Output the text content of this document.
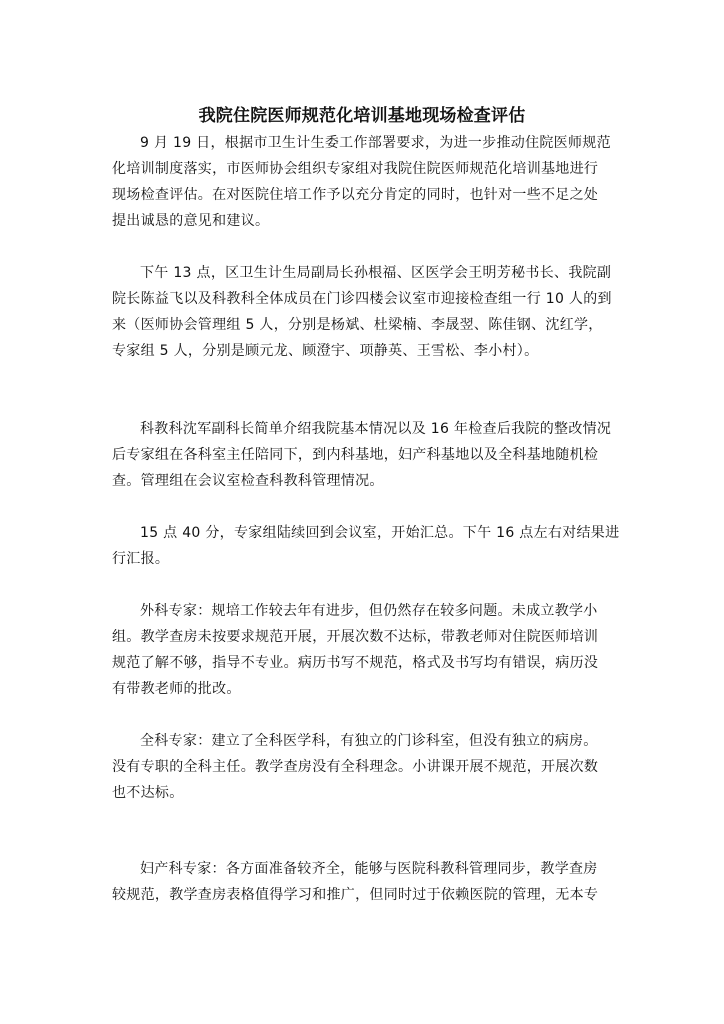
我院住院医师规范化培训基地现场检查评估
9 月 19 日，根据市卫生计生委工作部署要求，为进一步推动住院医师规范
化培训制度落实，市医师协会组织专家组对我院住院医师规范化培训基地进行
现场检查评估。在对医院住培工作予以充分肯定的同时，也针对一些不足之处
提出诚恳的意见和建议。
下午 13 点，区卫生计生局副局长孙根福、区医学会王明芳秘书长、我院副
院长陈益飞以及科教科全体成员在门诊四楼会议室市迎接检查组一行 10 人的到
来（医师协会管理组 5 人，分别是杨斌、杜梁楠、李晟翌、陈佳钢、沈红学，
专家组 5 人，分别是顾元龙、顾澄宇、项静英、王雪松、李小村）。
科教科沈军副科长简单介绍我院基本情况以及 16 年检查后我院的整改情况
后专家组在各科室主任陪同下，到内科基地，妇产科基地以及全科基地随机检
查。管理组在会议室检查科教科管理情况。
15 点 40 分，专家组陆续回到会议室，开始汇总。下午 16 点左右对结果进
行汇报。
外科专家：规培工作较去年有进步，但仍然存在较多问题。未成立教学小
组。教学查房未按要求规范开展，开展次数不达标，带教老师对住院医师培训
规范了解不够，指导不专业。病历书写不规范，格式及书写均有错误，病历没
有带教老师的批改。
全科专家：建立了全科医学科，有独立的门诊科室，但没有独立的病房。
没有专职的全科主任。教学查房没有全科理念。小讲课开展不规范，开展次数
也不达标。
妇产科专家：各方面准备较齐全，能够与医院科教科管理同步，教学查房
较规范，教学查房表格值得学习和推广，但同时过于依赖医院的管理，无本专
